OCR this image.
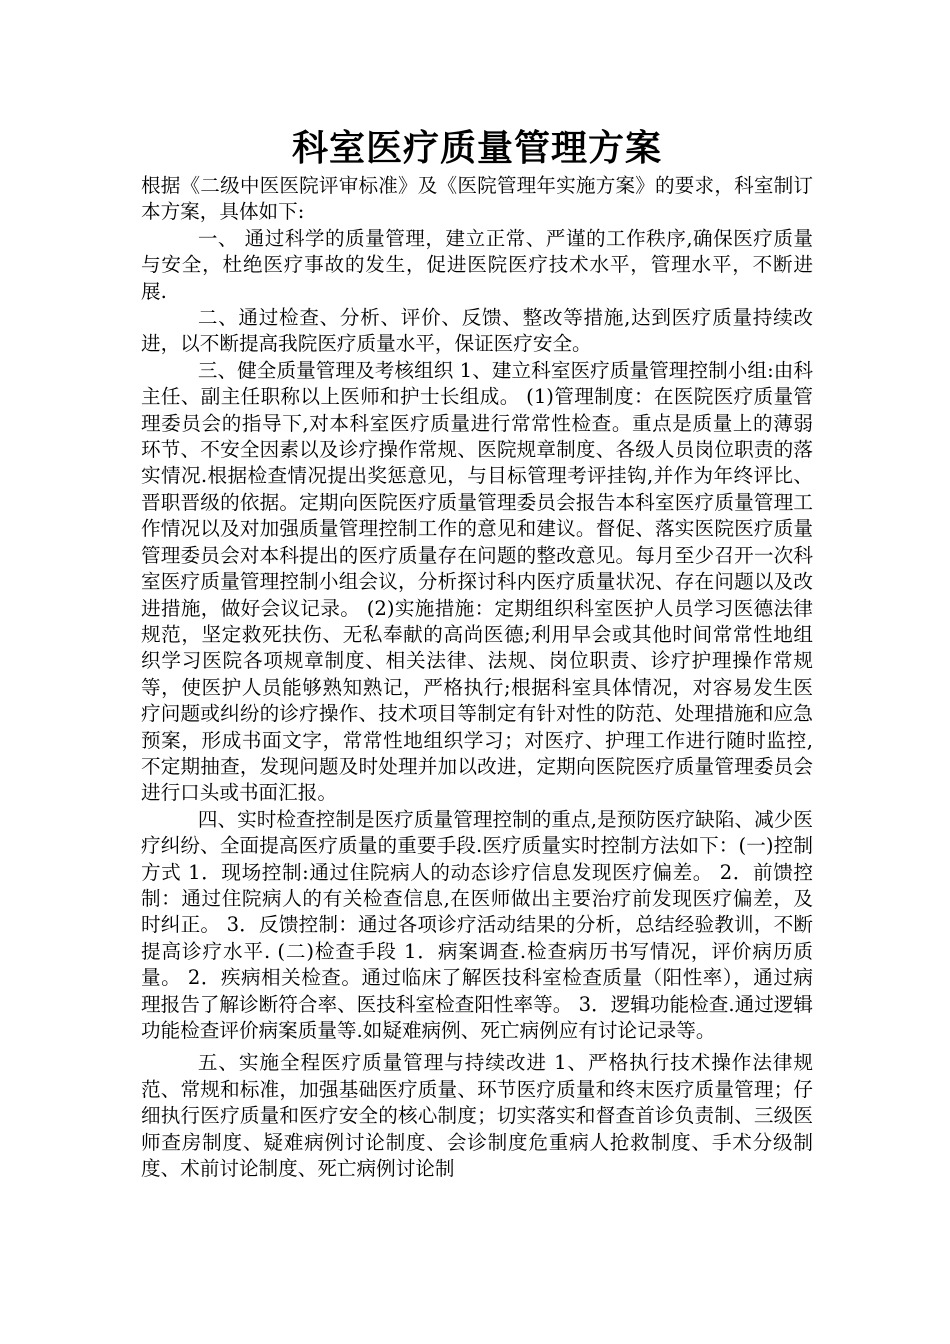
科室医疗质量管理方案

根据《二级中医医院评审标准》及《医院管理年实施方案》的要求，科室制订本方案，具体如下:

一、 通过科学的质量管理，建立正常、严谨的工作秩序,确保医疗质量与安全，杜绝医疗事故的发生，促进医院医疗技术水平，管理水平，不断进展.

二、通过检查、分析、评价、反馈、整改等措施,达到医疗质量持续改进，以不断提高我院医疗质量水平，保证医疗安全。

三、健全质量管理及考核组织 1、建立科室医疗质量管理控制小组:由科主任、副主任职称以上医师和护士长组成。 (1)管理制度：在医院医疗质量管理委员会的指导下,对本科室医疗质量进行常常性检查。重点是质量上的薄弱环节、不安全因素以及诊疗操作常规、医院规章制度、各级人员岗位职责的落实情况.根据检查情况提出奖惩意见，与目标管理考评挂钩,并作为年终评比、晋职晋级的依据。定期向医院医疗质量管理委员会报告本科室医疗质量管理工作情况以及对加强质量管理控制工作的意见和建议。督促、落实医院医疗质量管理委员会对本科提出的医疗质量存在问题的整改意见。每月至少召开一次科室医疗质量管理控制小组会议，分析探讨科内医疗质量状况、存在问题以及改进措施，做好会议记录。 (2)实施措施：定期组织科室医护人员学习医德法律规范，坚定救死扶伤、无私奉献的高尚医德;利用早会或其他时间常常性地组织学习医院各项规章制度、相关法律、法规、岗位职责、诊疗护理操作常规等，使医护人员能够熟知熟记，严格执行;根据科室具体情况，对容易发生医疗问题或纠纷的诊疗操作、技术项目等制定有针对性的防范、处理措施和应急预案，形成书面文字，常常性地组织学习；对医疗、护理工作进行随时监控,不定期抽查，发现问题及时处理并加以改进，定期向医院医疗质量管理委员会进行口头或书面汇报。

四、实时检查控制是医疗质量管理控制的重点,是预防医疗缺陷、减少医疗纠纷、全面提高医疗质量的重要手段.医疗质量实时控制方法如下：(一)控制方式 1．现场控制:通过住院病人的动态诊疗信息发现医疗偏差。 2．前馈控制：通过住院病人的有关检查信息,在医师做出主要治疗前发现医疗偏差，及时纠正。 3．反馈控制：通过各项诊疗活动结果的分析，总结经验教训，不断提高诊疗水平. (二)检查手段 1．病案调查.检查病历书写情况，评价病历质量。 2．疾病相关检查。通过临床了解医技科室检查质量（阳性率），通过病理报告了解诊断符合率、医技科室检查阳性率等。 3．逻辑功能检查.通过逻辑功能检查评价病案质量等.如疑难病例、死亡病例应有讨论记录等。

五、实施全程医疗质量管理与持续改进 1、严格执行技术操作法律规范、常规和标准，加强基础医疗质量、环节医疗质量和终末医疗质量管理；仔细执行医疗质量和医疗安全的核心制度；切实落实和督查首诊负责制、三级医师查房制度、疑难病例讨论制度、会诊制度危重病人抢救制度、手术分级制度、术前讨论制度、死亡病例讨论制
